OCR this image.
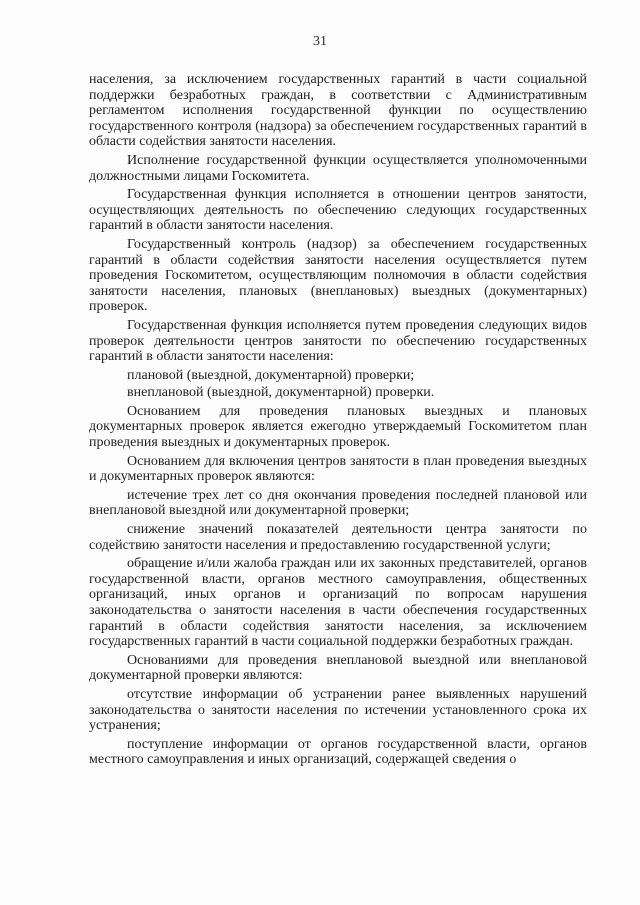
31

населения, за исключением государственных гарантий в части социальной поддержки безработных граждан, в соответствии с Административным регламентом исполнения государственной функции по осуществлению государственного контроля (надзора) за обеспечением государственных гарантий в области содействия занятости населения.

Исполнение государственной функции осуществляется уполномоченными должностными лицами Госкомитета.

Государственная функция исполняется в отношении центров занятости, осуществляющих деятельность по обеспечению следующих государственных гарантий в области занятости населения.

Государственный контроль (надзор) за обеспечением государственных гарантий в области содействия занятости населения осуществляется путем проведения Госкомитетом, осуществляющим полномочия в области содействия занятости населения, плановых (внеплановых) выездных (документарных) проверок.

Государственная функция исполняется путем проведения следующих видов проверок деятельности центров занятости по обеспечению государственных гарантий в области занятости населения:

плановой (выездной, документарной) проверки;

внеплановой (выездной, документарной) проверки.

Основанием для проведения плановых выездных и плановых документарных проверок является ежегодно утверждаемый Госкомитетом план проведения выездных и документарных проверок.

Основанием для включения центров занятости в план проведения выездных и документарных проверок являются:

истечение трех лет со дня окончания проведения последней плановой или внеплановой выездной или документарной проверки;

снижение значений показателей деятельности центра занятости по содействию занятости населения и предоставлению государственной услуги;

обращение и/или жалоба граждан или их законных представителей, органов государственной власти, органов местного самоуправления, общественных организаций, иных органов и организаций по вопросам нарушения законодательства о занятости населения в части обеспечения государственных гарантий в области содействия занятости населения, за исключением государственных гарантий в части социальной поддержки безработных граждан.

Основаниями для проведения внеплановой выездной или внеплановой документарной проверки являются:

отсутствие информации об устранении ранее выявленных нарушений законодательства о занятости населения по истечении установленного срока их устранения;

поступление информации от органов государственной власти, органов местного самоуправления и иных организаций, содержащей сведения о
